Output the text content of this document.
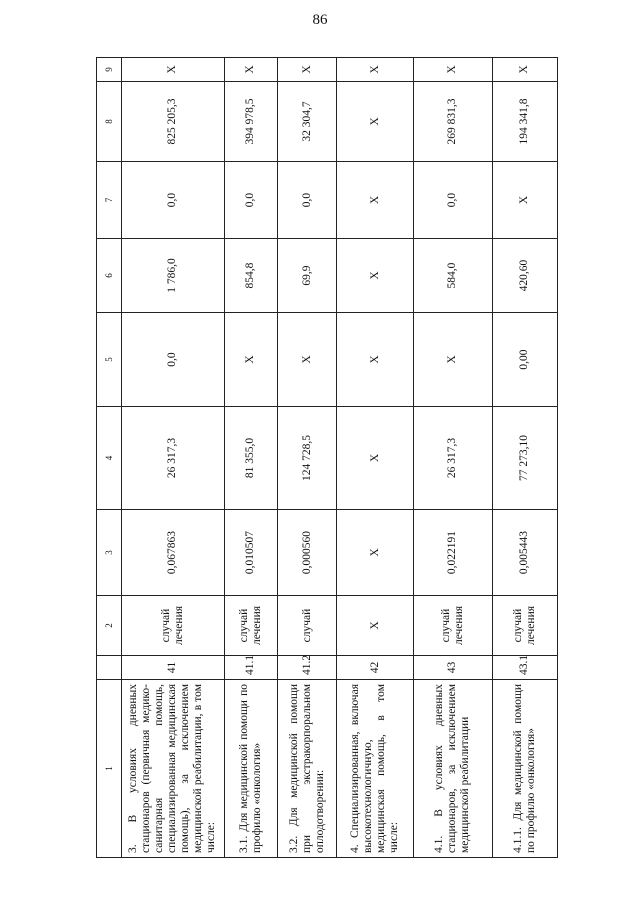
86
1		2	3	4	5	6	7	8	9
3. В условиях дневных стационаров (первичная медико-санитарная помощь, специализированная медицинская помощь), за исключением медицинской реабилитации, в том числе:	41	случай лечения	0,067863	26 317,3	0,0	1 786,0	0,0	825 205,3	Х
3.1. Для медицинской помощи по профилю «онкология»	41.1	случай лечения	0,010507	81 355,0	Х	854,8	0,0	394 978,5	Х
3.2. Для медицинской помощи при экстракорпоральном оплодотворении:	41.2	случай	0,000560	124 728,5	Х	69,9	0,0	32 304,7	Х
4. Специализированная, включая высокотехнологичную, медицинская помощь, в том числе:	42	Х	Х	Х	Х	Х	Х	Х	Х
4.1. В условиях дневных стационаров, за исключением медицинской реабилитации	43	случай лечения	0,022191	26 317,3	Х	584,0	0,0	269 831,3	Х
4.1.1. Для медицинской помощи по профилю «онкология»	43.1	случай лечения	0,005443	77 273,10	0,00	420,60	Х	194 341,8	Х
